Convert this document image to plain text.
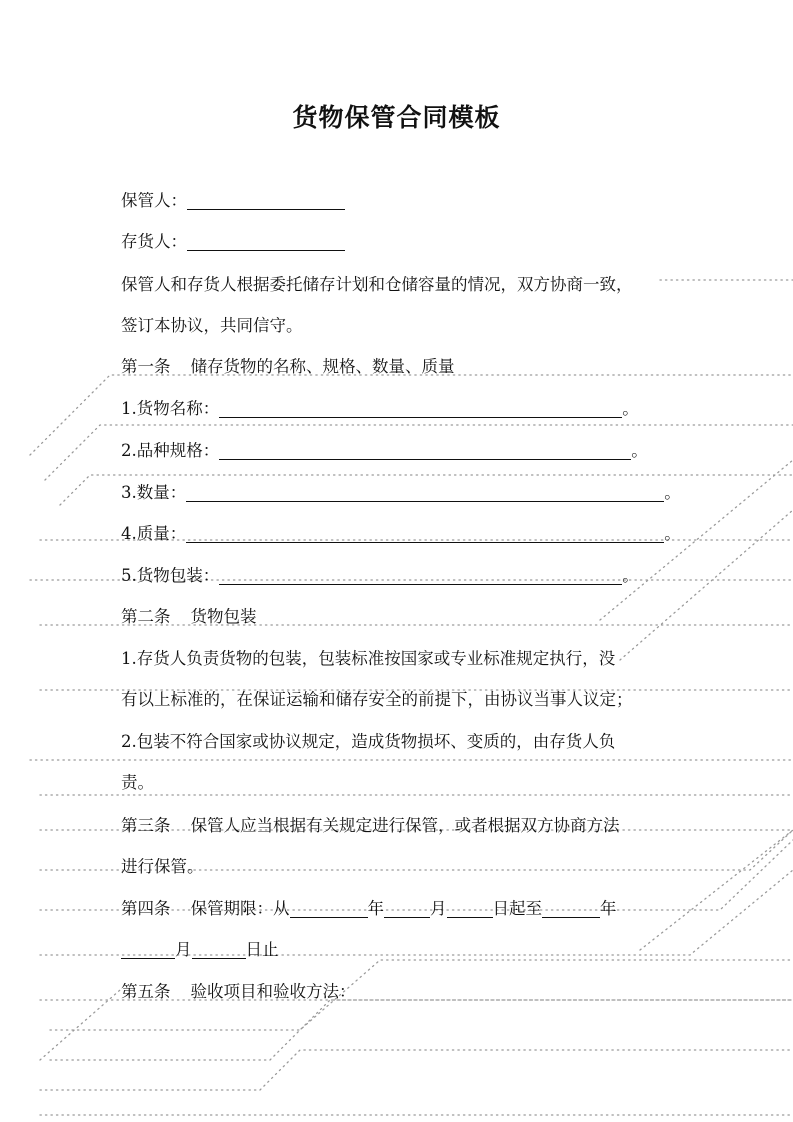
货物保管合同模板
保管人：
存货人：
保管人和存货人根据委托储存计划和仓储容量的情况，双方协商一致，
签订本协议，共同信守。
第一条 储存货物的名称、规格、数量、质量
1.货物名称：	。
2.品种规格：	。
3.数量：	。
4.质量：	。
5.货物包装：	。
第二条 货物包装
1.存货人负责货物的包装，包装标准按国家或专业标准规定执行，没
有以上标准的，在保证运输和储存安全的前提下，由协议当事人议定；
2.包装不符合国家或协议规定，造成货物损坏、变质的，由存货人负
责。
第三条 保管人应当根据有关规定进行保管，或者根据双方协商方法
进行保管。
第四条 保管期限：从	年	月	日起至	年
月	日止
第五条 验收项目和验收方法：
